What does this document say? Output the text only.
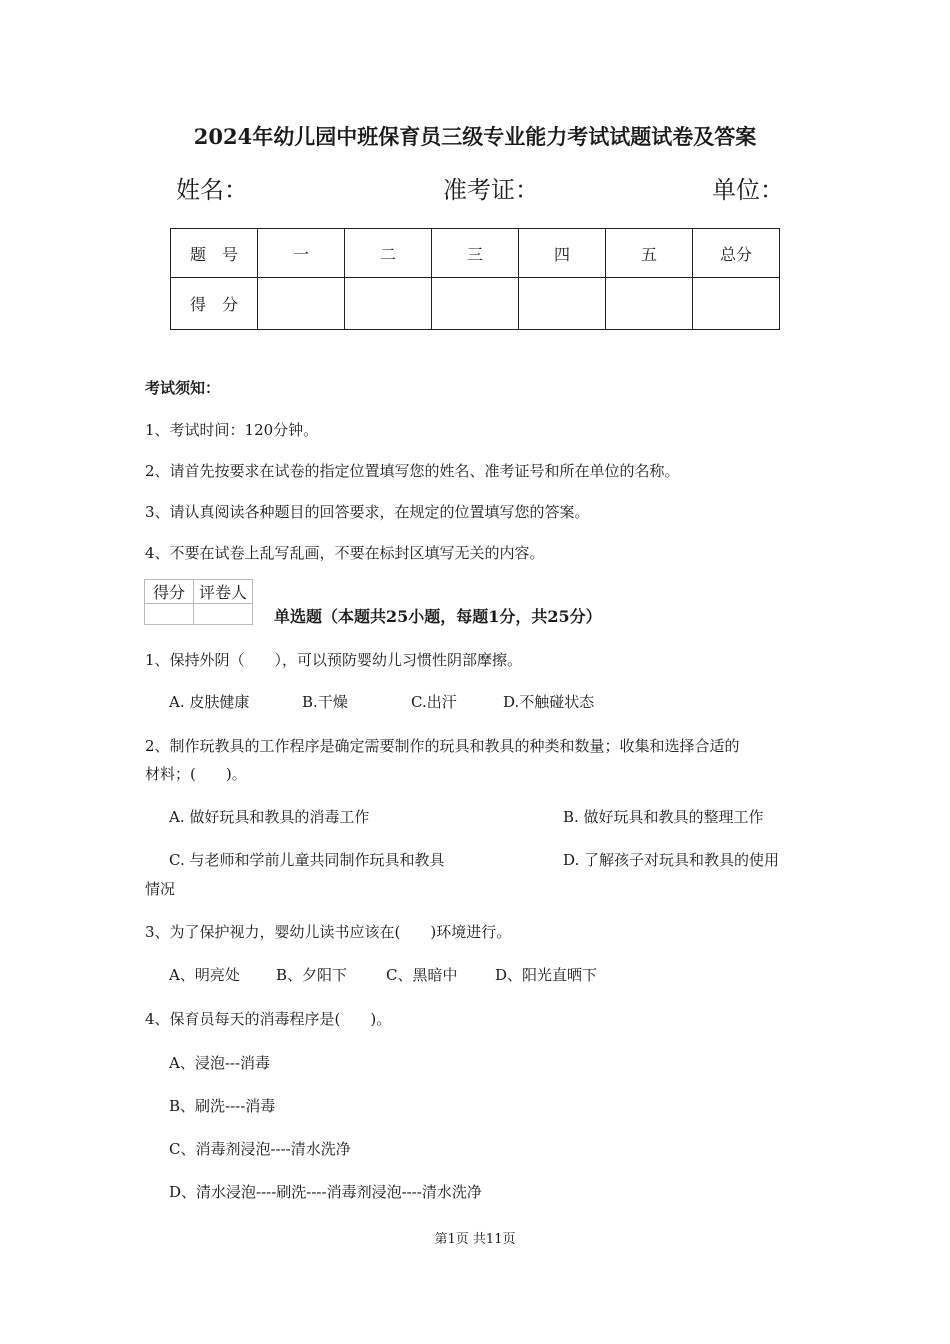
2024年幼儿园中班保育员三级专业能力考试试题试卷及答案
姓名：	准考证：	单位：
题　号	一	二	三	四	五	总分
得　分						
考试须知：
1、考试时间：120分钟。
2、请首先按要求在试卷的指定位置填写您的姓名、准考证号和所在单位的名称。
3、请认真阅读各种题目的回答要求，在规定的位置填写您的答案。
4、不要在试卷上乱写乱画，不要在标封区填写无关的内容。
得分	评卷人

单选题（本题共25小题，每题1分，共25分）
1、保持外阴（　　），可以预防婴幼儿习惯性阴部摩擦。
A. 皮肤健康	B.干燥	C.出汗	D.不触碰状态
2、制作玩教具的工作程序是确定需要制作的玩具和教具的种类和数量；收集和选择合适的
材料；(　　)。
A. 做好玩具和教具的消毒工作	B. 做好玩具和教具的整理工作
C. 与老师和学前儿童共同制作玩具和教具	D. 了解孩子对玩具和教具的使用
情况
3、为了保护视力，婴幼儿读书应该在(　　)环境进行。
A、明亮处 B、夕阳下	C、黑暗中	D、阳光直晒下
4、保育员每天的消毒程序是(　　)。
A、浸泡---消毒
B、刷洗----消毒
C、消毒剂浸泡----清水洗净
D、清水浸泡----刷洗----消毒剂浸泡----清水洗净
第1页 共11页
